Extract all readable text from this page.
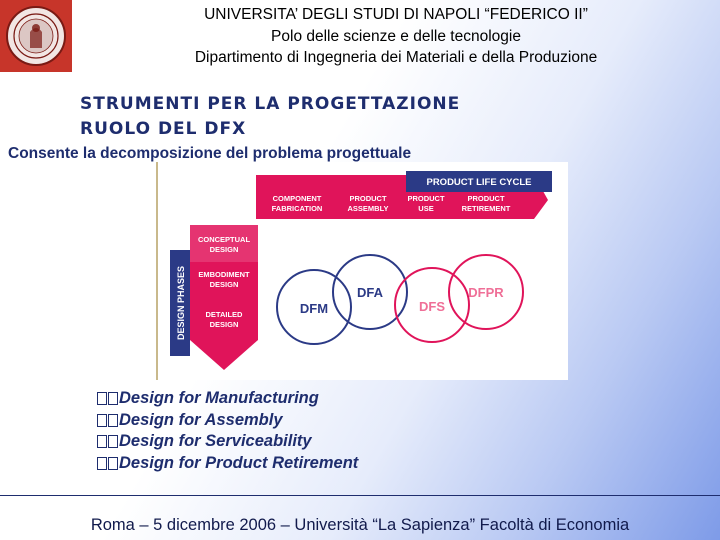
UNIVERSITA’ DEGLI STUDI DI NAPOLI “FEDERICO II”
Polo delle scienze e delle tecnologie
Dipartimento di Ingegneria dei Materiali e della Produzione
STRUMENTI PER LA PROGETTAZIONE
RUOLO DEL DFX
Consente la decomposizione del problema progettuale
PRODUCT LIFE CYCLE
COMPONENT
FABRICATION
PRODUCT
ASSEMBLY
PRODUCT
USE
PRODUCT
RETIREMENT
DESIGN PHASES
CONCEPTUAL
DESIGN
EMBODIMENT
DESIGN
DETAILED
DESIGN
DFM
DFA
DFS
DFPR
Design for Manufacturing
Design for Assembly
Design for Serviceability
Design for Product Retirement
Roma – 5 dicembre 2006 – Università “La Sapienza” Facoltà di Economia
